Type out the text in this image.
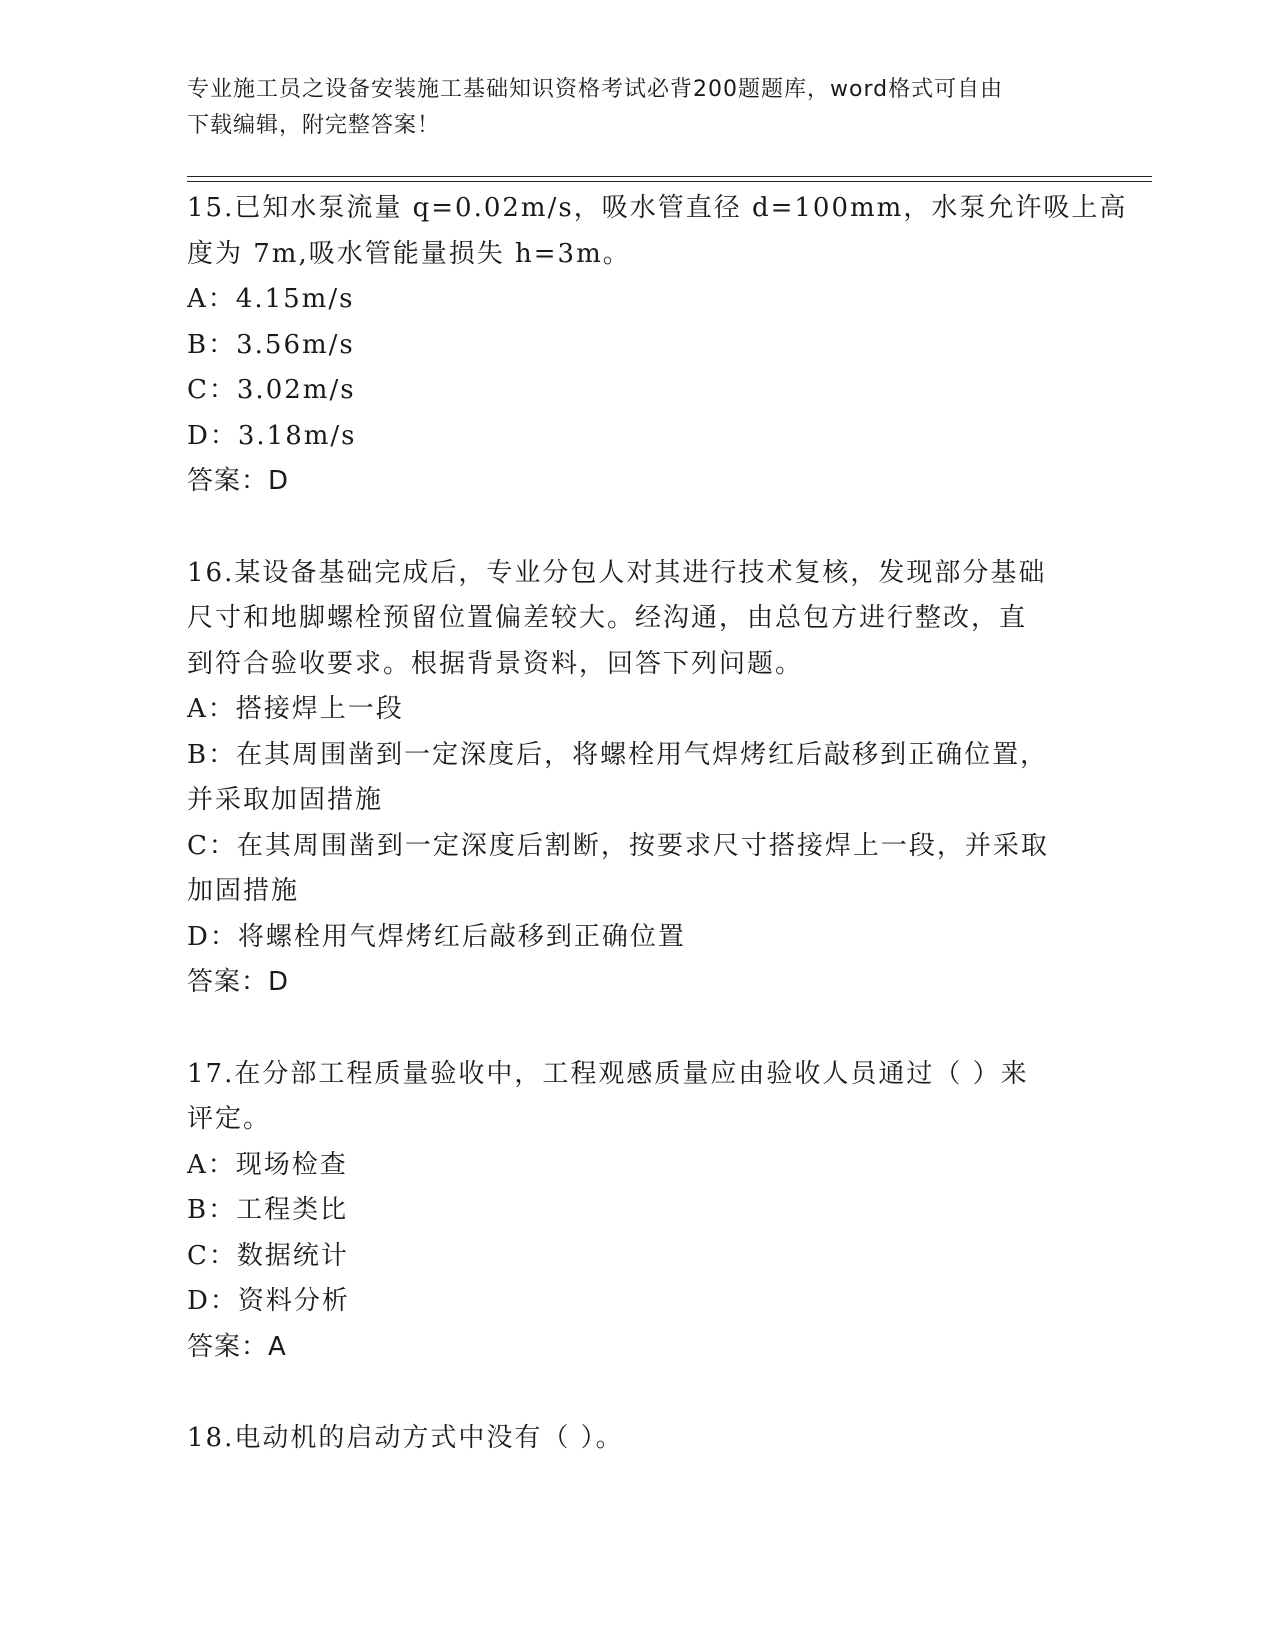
专业施工员之设备安装施工基础知识资格考试必背200题题库，word格式可自由
下载编辑，附完整答案！
15.已知水泵流量 q=0.02m/s，吸水管直径 d=100mm，水泵允许吸上高
度为 7m,吸水管能量损失 h=3m。
A：4.15m/s
B：3.56m/s
C：3.02m/s
D：3.18m/s
答案：D
16.某设备基础完成后，专业分包人对其进行技术复核，发现部分基础
尺寸和地脚螺栓预留位置偏差较大。经沟通，由总包方进行整改，直
到符合验收要求。根据背景资料，回答下列问题。
A：搭接焊上一段
B：在其周围凿到一定深度后，将螺栓用气焊烤红后敲移到正确位置，
并采取加固措施
C：在其周围凿到一定深度后割断，按要求尺寸搭接焊上一段，并采取
加固措施
D：将螺栓用气焊烤红后敲移到正确位置
答案：D
17.在分部工程质量验收中，工程观感质量应由验收人员通过（ ）来
评定。
A：现场检查
B：工程类比
C：数据统计
D：资料分析
答案：A
18.电动机的启动方式中没有（ ）。
